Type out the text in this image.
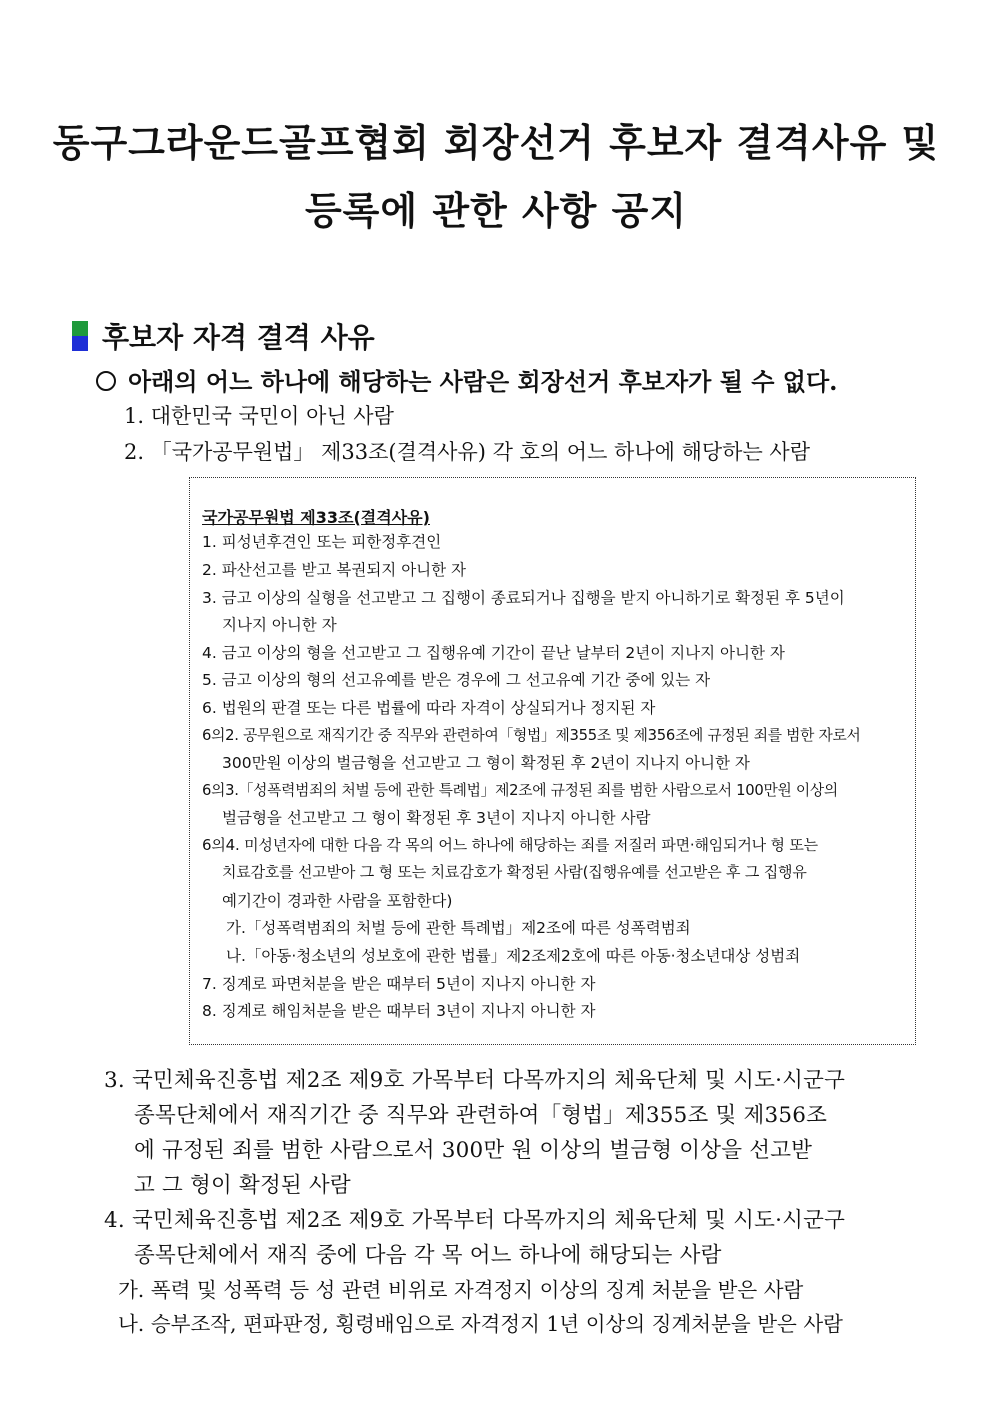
동구그라운드골프협회 회장선거 후보자 결격사유 및
등록에 관한 사항 공지
후보자 자격 결격 사유
아래의 어느 하나에 해당하는 사람은 회장선거 후보자가 될 수 없다.
1. 대한민국 국민이 아닌 사람
2. 「국가공무원법」 제33조(결격사유) 각 호의 어느 하나에 해당하는 사람
국가공무원법 제33조(결격사유)
1. 피성년후견인 또는 피한정후견인
2. 파산선고를 받고 복권되지 아니한 자
3. 금고 이상의 실형을 선고받고 그 집행이 종료되거나 집행을 받지 아니하기로 확정된 후 5년이
지나지 아니한 자
4. 금고 이상의 형을 선고받고 그 집행유예 기간이 끝난 날부터 2년이 지나지 아니한 자
5. 금고 이상의 형의 선고유예를 받은 경우에 그 선고유예 기간 중에 있는 자
6. 법원의 판결 또는 다른 법률에 따라 자격이 상실되거나 정지된 자
6의2. 공무원으로 재직기간 중 직무와 관련하여「형법」제355조 및 제356조에 규정된 죄를 범한 자로서
300만원 이상의 벌금형을 선고받고 그 형이 확정된 후 2년이 지나지 아니한 자
6의3.「성폭력범죄의 처벌 등에 관한 특례법」제2조에 규정된 죄를 범한 사람으로서 100만원 이상의
벌금형을 선고받고 그 형이 확정된 후 3년이 지나지 아니한 사람
6의4. 미성년자에 대한 다음 각 목의 어느 하나에 해당하는 죄를 저질러 파면·해임되거나 형 또는
치료감호를 선고받아 그 형 또는 치료감호가 확정된 사람(집행유예를 선고받은 후 그 집행유
예기간이 경과한 사람을 포함한다)
가.「성폭력범죄의 처벌 등에 관한 특례법」제2조에 따른 성폭력범죄
나.「아동·청소년의 성보호에 관한 법률」제2조제2호에 따른 아동·청소년대상 성범죄
7. 징계로 파면처분을 받은 때부터 5년이 지나지 아니한 자
8. 징계로 해임처분을 받은 때부터 3년이 지나지 아니한 자
3. 국민체육진흥법 제2조 제9호 가목부터 다목까지의 체육단체 및 시도·시군구
종목단체에서 재직기간 중 직무와 관련하여「형법」제355조 및 제356조
에 규정된 죄를 범한 사람으로서 300만 원 이상의 벌금형 이상을 선고받
고 그 형이 확정된 사람
4. 국민체육진흥법 제2조 제9호 가목부터 다목까지의 체육단체 및 시도·시군구
종목단체에서 재직 중에 다음 각 목 어느 하나에 해당되는 사람
가. 폭력 및 성폭력 등 성 관련 비위로 자격정지 이상의 징계 처분을 받은 사람
나. 승부조작, 편파판정, 횡령배임으로 자격정지 1년 이상의 징계처분을 받은 사람
